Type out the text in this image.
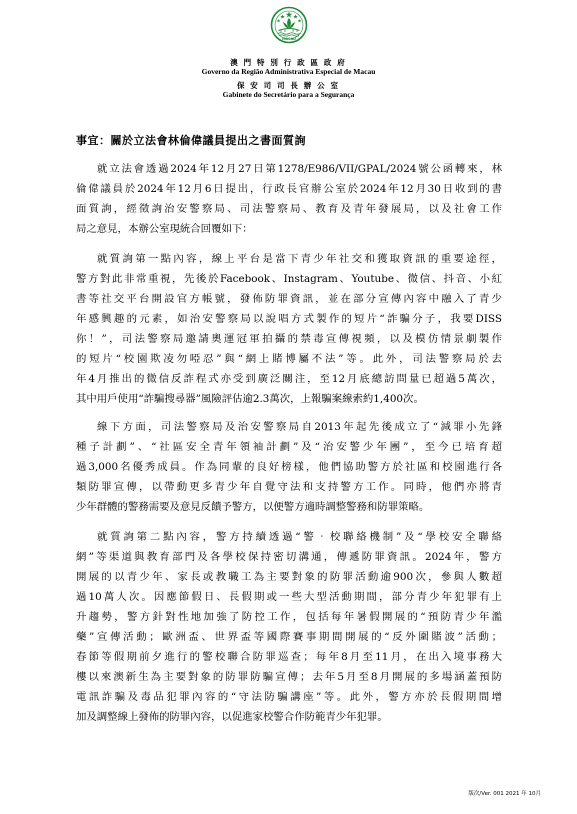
MACAU
澳 門 特 別 行 政 區 政 府
Governo da Região Administrativa Especial de Macau
保 安 司 司 長 辦 公 室
Gabinete do Secretário para a Segurança
事宜：關於立法會林倫偉議員提出之書面質詢
就立法會透過2024年12月27日第1278/E986/VII/GPAL/2024號公函轉來，林
倫偉議員於2024年12月6日提出，行政長官辦公室於2024年12月30日收到的書
面質詢，經徵詢治安警察局、司法警察局、教育及青年發展局，以及社會工作
局之意見，本辦公室現統合回覆如下：
就質詢第一點內容，線上平台是當下青少年社交和獲取資訊的重要途徑，
警方對此非常重視，先後於Facebook、Instagram、Youtube、微信、抖音、小紅
書等社交平台開設官方帳號，發佈防罪資訊，並在部分宣傳內容中融入了青少
年感興趣的元素，如治安警察局以說唱方式製作的短片“詐騙分子，我要DISS
你！”，司法警察局邀請奧運冠軍拍攝的禁毒宣傳視頻，以及模仿情景劇製作
的短片“校園欺凌勿啞忍”與“網上賭博屬不法”等。此外，司法警察局於去
年4月推出的微信反詐程式亦受到廣泛關注，至12月底總訪問量已超過5萬次，
其中用戶使用“詐騙搜尋器”風險評估逾2.3萬次，上報騙案線索約1,400次。
線下方面，司法警察局及治安警察局自2013年起先後成立了“減罪小先鋒
種子計劃”、“社區安全青年領袖計劃”及“治安警少年團”，至今已培育超
過3,000名優秀成員。作為同輩的良好榜樣，他們協助警方於社區和校園進行各
類防罪宣傳，以帶動更多青少年自覺守法和支持警方工作。同時，他們亦將青
少年群體的警務需要及意見反饋予警方，以便警方適時調整警務和防罪策略。
就質詢第二點內容，警方持續透過“警‧校聯絡機制”及“學校安全聯絡
網”等渠道與教育部門及各學校保持密切溝通，傳遞防罪資訊。2024年，警方
開展的以青少年、家長或教職工為主要對象的防罪活動逾900次，參與人數超
過10萬人次。因應節假日、長假期或一些大型活動期間，部分青少年犯罪有上
升趨勢，警方針對性地加強了防控工作，包括每年暑假開展的“預防青少年濫
藥”宣傳活動；歐洲盃、世界盃等國際賽事期間開展的“反外圍賭波”活動；
春節等假期前夕進行的警校聯合防罪巡查；每年8月至11月，在出入境事務大
樓以來澳新生為主要對象的防罪防騙宣傳；去年5月至8月開展的多場涵蓋預防
電訊詐騙及毒品犯罪內容的“守法防騙講座”等。此外，警方亦於長假期間增
加及調整線上發佈的防罪內容，以促進家校警合作防範青少年犯罪。
版次/Ver. 001 2021 年 10月
